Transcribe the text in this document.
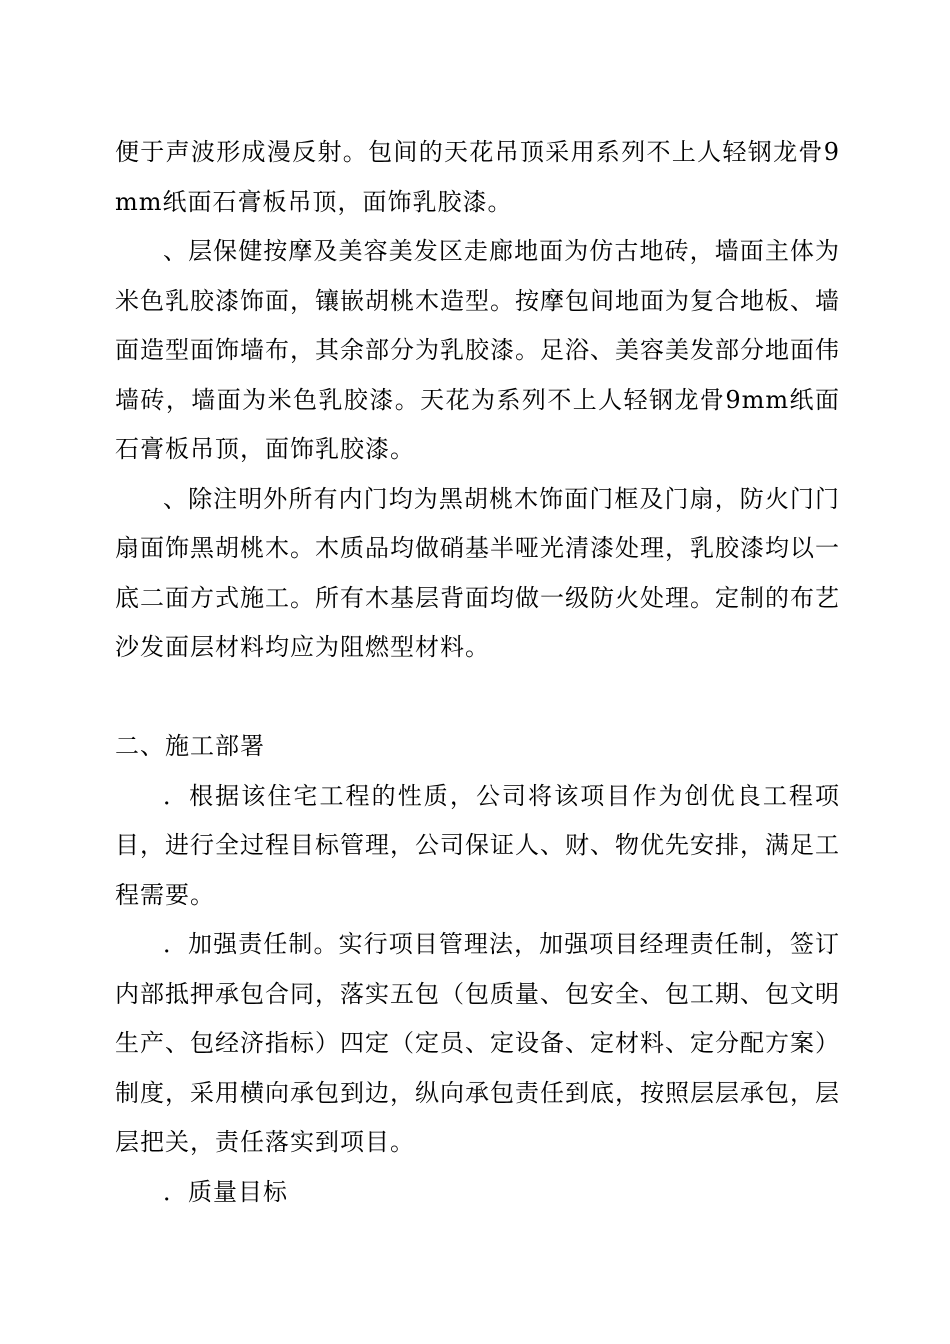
便于声波形成漫反射。包间的天花吊顶采用系列不上人轻钢龙骨9mm纸面石膏板吊顶，面饰乳胶漆。

、层保健按摩及美容美发区走廊地面为仿古地砖，墙面主体为米色乳胶漆饰面，镶嵌胡桃木造型。按摩包间地面为复合地板、墙面造型面饰墙布，其余部分为乳胶漆。足浴、美容美发部分地面伟墙砖，墙面为米色乳胶漆。天花为系列不上人轻钢龙骨9mm纸面石膏板吊顶，面饰乳胶漆。

、除注明外所有内门均为黑胡桃木饰面门框及门扇，防火门门扇面饰黑胡桃木。木质品均做硝基半哑光清漆处理，乳胶漆均以一底二面方式施工。所有木基层背面均做一级防火处理。定制的布艺沙发面层材料均应为阻燃型材料。

二、施工部署

．根据该住宅工程的性质，公司将该项目作为创优良工程项目，进行全过程目标管理，公司保证人、财、物优先安排，满足工程需要。

．加强责任制。实行项目管理法，加强项目经理责任制，签订内部抵押承包合同，落实五包（包质量、包安全、包工期、包文明生产、包经济指标）四定（定员、定设备、定材料、定分配方案）制度，采用横向承包到边，纵向承包责任到底，按照层层承包，层层把关，责任落实到项目。

．质量目标
